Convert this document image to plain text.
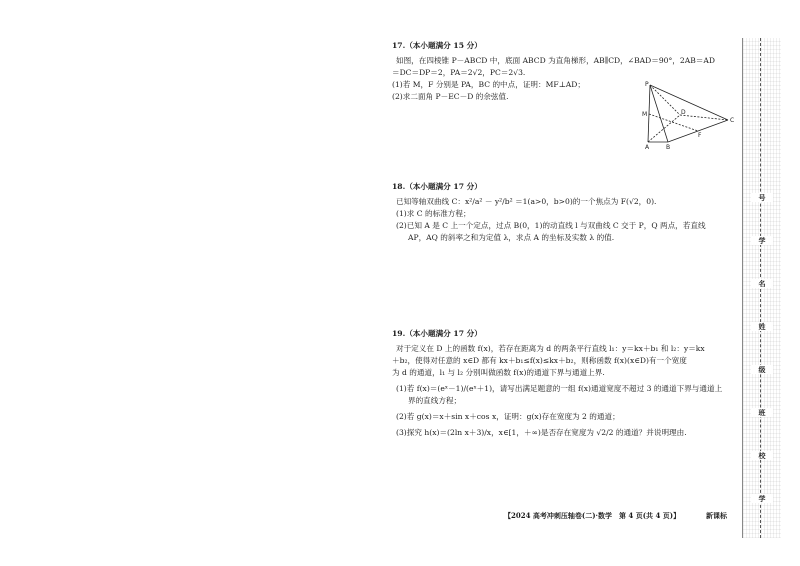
17.（本小题满分 15 分）

如图，在四棱锥 P－ABCD 中，底面 ABCD 为直角梯形，AB∥CD，∠BAD＝90°，2AB＝AD

＝DC＝DP＝2，PA＝2√2，PC＝2√3.

(1)若 M，F 分别是 PA，BC 的中点，证明：MF⊥AD；

(2)求二面角 P－EC－D 的余弦值.

P
M	D
C
F
A	B

18.（本小题满分 17 分）

已知等轴双曲线 C：x²/a² － y²/b² ＝1(a>0，b>0)的一个焦点为 F(√2，0).

(1)求 C 的标准方程；

(2)已知 A 是 C 上一个定点，过点 B(0，1)的动直线 l 与双曲线 C 交于 P，Q 两点，若直线

AP，AQ 的斜率之和为定值 λ，求点 A 的坐标及实数 λ 的值.

19.（本小题满分 17 分）

对于定义在 D 上的函数 f(x)，若存在距离为 d 的两条平行直线 l₁：y＝kx＋b₁ 和 l₂：y＝kx

＋b₂，使得对任意的 x∈D 都有 kx＋b₁≤f(x)≤kx＋b₂，则称函数 f(x)(x∈D)有一个宽度

为 d 的通道，l₁ 与 l₂ 分别叫做函数 f(x)的通道下界与通道上界.

(1)若 f(x)＝(eˣ－1)/(eˣ＋1)，请写出满足题意的一组 f(x)通道宽度不超过 3 的通道下界与通道上

界的直线方程；

(2)若 g(x)＝x＋sin x＋cos x，证明：g(x)存在宽度为 2 的通道；

(3)探究 h(x)＝(2ln x＋3)/x，x∈[1，＋∞)是否存在宽度为 √2/2 的通道？并说明理由.

号
学
名
姓
级
班
校
学
【2024 高考冲刺压轴卷(二)·数学　第 4 页(共 4 页)】	新课标
